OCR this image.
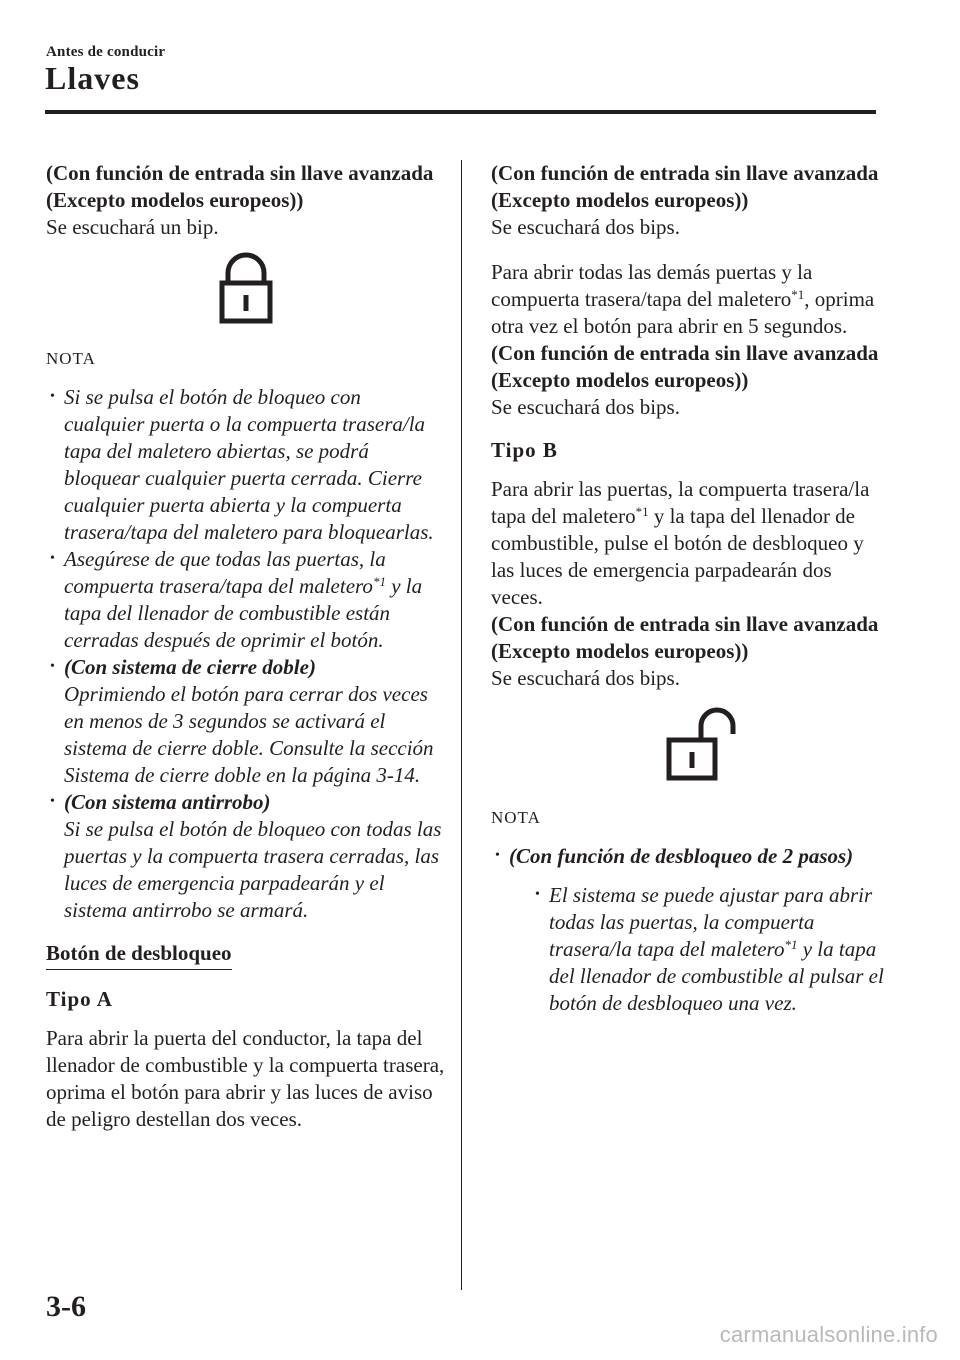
Antes de conducir
Llaves

(Con función de entrada sin llave avanzada (Excepto modelos europeos))

Se escuchará un bip.

NOTA
• Si se pulsa el botón de bloqueo con cualquier puerta o la compuerta trasera/la tapa del maletero abiertas, se podrá bloquear cualquier puerta cerrada. Cierre cualquier puerta abierta y la compuerta trasera/tapa del maletero para bloquearlas.
• Asegúrese de que todas las puertas, la compuerta trasera/tapa del maletero$^{*1}$ y la tapa del llenador de combustible están cerradas después de oprimir el botón.
• (Con sistema de cierre doble)
Oprimiendo el botón para cerrar dos veces en menos de 3 segundos se activará el sistema de cierre doble. Consulte la sección Sistema de cierre doble en la página 3-14.
• (Con sistema antirrobo)
Si se pulsa el botón de bloqueo con todas las puertas y la compuerta trasera cerradas, las luces de emergencia parpadearán y el sistema antirrobo se armará.
Botón de desbloqueo
Tipo A

Para abrir la puerta del conductor, la tapa del llenador de combustible y la compuerta trasera, oprima el botón para abrir y las luces de aviso de peligro destellan dos veces.

(Con función de entrada sin llave avanzada (Excepto modelos europeos))

Se escuchará dos bips.

Para abrir todas las demás puertas y la compuerta trasera/tapa del maletero$^{*1}$, oprima otra vez el botón para abrir en 5 segundos.

(Con función de entrada sin llave avanzada (Excepto modelos europeos))

Se escuchará dos bips.

Tipo B

Para abrir las puertas, la compuerta trasera/la tapa del maletero$^{*1}$ y la tapa del llenador de combustible, pulse el botón de desbloqueo y las luces de emergencia parpadearán dos veces.

(Con función de entrada sin llave avanzada (Excepto modelos europeos))

Se escuchará dos bips.

NOTA
• (Con función de desbloqueo de 2 pasos)
• El sistema se puede ajustar para abrir todas las puertas, la compuerta trasera/la tapa del maletero$^{*1}$ y la tapa del llenador de combustible al pulsar el botón de desbloqueo una vez.
3-6
carmanualsonline.info
